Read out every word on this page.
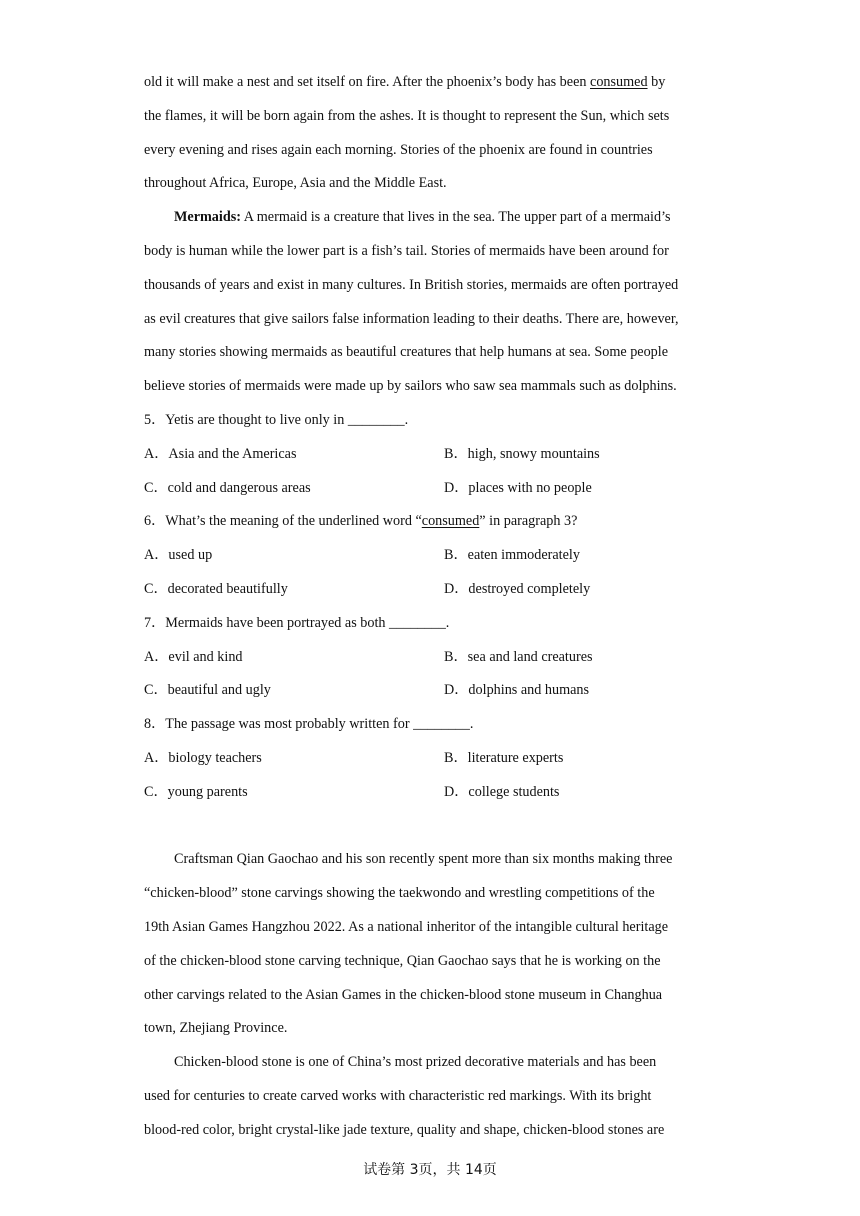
old it will make a nest and set itself on fire. After the phoenix’s body has been consumed by
the flames, it will be born again from the ashes. It is thought to represent the Sun, which sets
every evening and rises again each morning. Stories of the phoenix are found in countries
throughout Africa, Europe, Asia and the Middle East.
Mermaids: A mermaid is a creature that lives in the sea. The upper part of a mermaid’s
body is human while the lower part is a fish’s tail. Stories of mermaids have been around for
thousands of years and exist in many cultures. In British stories, mermaids are often portrayed
as evil creatures that give sailors false information leading to their deaths. There are, however,
many stories showing mermaids as beautiful creatures that help humans at sea. Some people
believe stories of mermaids were made up by sailors who saw sea mammals such as dolphins.
5．Yetis are thought to live only in ________.
A．Asia and the Americas	B．high, snowy mountains
C．cold and dangerous areas	D．places with no people
6．What’s the meaning of the underlined word “consumed” in paragraph 3?
A．used up	B．eaten immoderately
C．decorated beautifully	D．destroyed completely
7．Mermaids have been portrayed as both ________.
A．evil and kind	B．sea and land creatures
C．beautiful and ugly	D．dolphins and humans
8．The passage was most probably written for ________.
A．biology teachers	B．literature experts
C．young parents	D．college students
Craftsman Qian Gaochao and his son recently spent more than six months making three
“chicken-blood” stone carvings showing the taekwondo and wrestling competitions of the
19th Asian Games Hangzhou 2022. As a national inheritor of the intangible cultural heritage
of the chicken-blood stone carving technique, Qian Gaochao says that he is working on the
other carvings related to the Asian Games in the chicken-blood stone museum in Changhua
town, Zhejiang Province.
Chicken-blood stone is one of China’s most prized decorative materials and has been
used for centuries to create carved works with characteristic red markings. With its bright
blood-red color, bright crystal-like jade texture, quality and shape, chicken-blood stones are
试卷第 3页，共 14页
